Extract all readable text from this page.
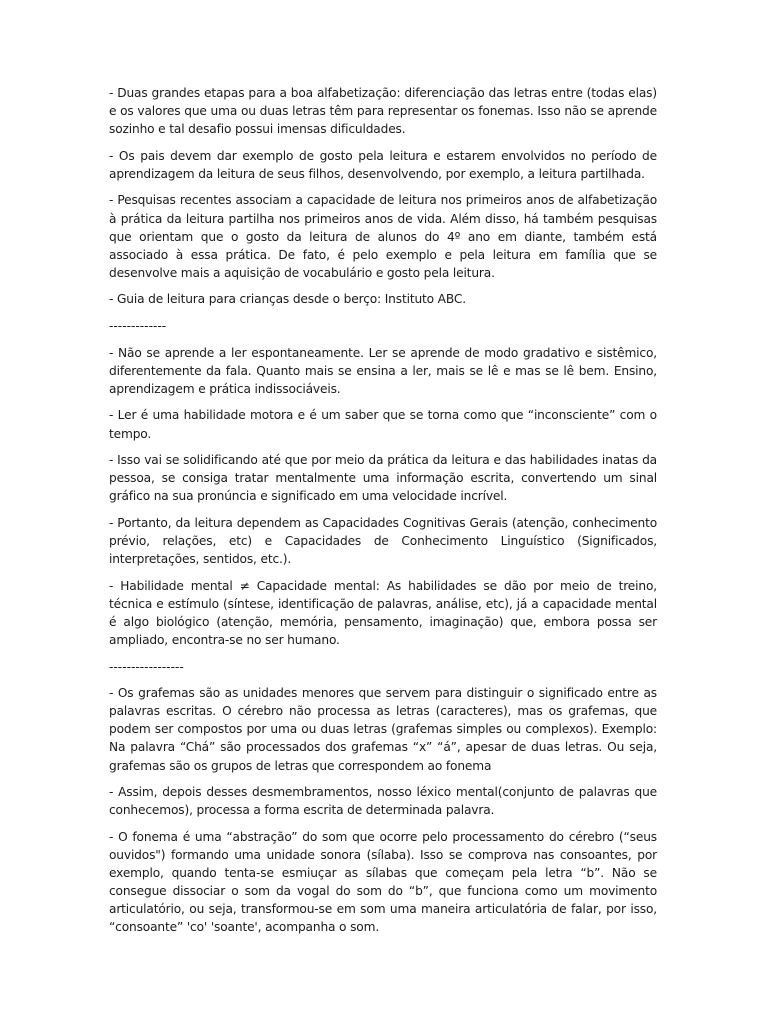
- Duas grandes etapas para a boa alfabetização: diferenciação das letras entre (todas elas) e os valores que uma ou duas letras têm para representar os fonemas. Isso não se aprende sozinho e tal desafio possui imensas dificuldades.

- Os pais devem dar exemplo de gosto pela leitura e estarem envolvidos no período de aprendizagem da leitura de seus filhos, desenvolvendo, por exemplo, a leitura partilhada.

- Pesquisas recentes associam a capacidade de leitura nos primeiros anos de alfabetização à prática da leitura partilha nos primeiros anos de vida. Além disso, há também pesquisas que orientam que o gosto da leitura de alunos do 4º ano em diante, também está associado à essa prática. De fato, é pelo exemplo e pela leitura em família que se desenvolve mais a aquisição de vocabulário e gosto pela leitura.

- Guia de leitura para crianças desde o berço: Instituto ABC.

-------------

- Não se aprende a ler espontaneamente. Ler se aprende de modo gradativo e sistêmico, diferentemente da fala. Quanto mais se ensina a ler, mais se lê e mas se lê bem. Ensino, aprendizagem e prática indissociáveis.

- Ler é uma habilidade motora e é um saber que se torna como que “inconsciente” com o tempo.

- Isso vai se solidificando até que por meio da prática da leitura e das habilidades inatas da pessoa, se consiga tratar mentalmente uma informação escrita, convertendo um sinal gráfico na sua pronúncia e significado em uma velocidade incrível.

- Portanto, da leitura dependem as Capacidades Cognitivas Gerais (atenção, conhecimento prévio, relações, etc) e Capacidades de Conhecimento Linguístico (Significados, interpretações, sentidos, etc.).

- Habilidade mental ≠ Capacidade mental: As habilidades se dão por meio de treino, técnica e estímulo (síntese, identificação de palavras, análise, etc), já a capacidade mental é algo biológico (atenção, memória, pensamento, imaginação) que, embora possa ser ampliado, encontra-se no ser humano.

-----------------

- Os grafemas são as unidades menores que servem para distinguir o significado entre as palavras escritas. O cérebro não processa as letras (caracteres), mas os grafemas, que podem ser compostos por uma ou duas letras (grafemas simples ou complexos). Exemplo: Na palavra “Chá” são processados dos grafemas “x” “á”, apesar de duas letras. Ou seja, grafemas são os grupos de letras que correspondem ao fonema

- Assim, depois desses desmembramentos, nosso léxico mental(conjunto de palavras que conhecemos), processa a forma escrita de determinada palavra.

- O fonema é uma “abstração” do som que ocorre pelo processamento do cérebro (“seus ouvidos") formando uma unidade sonora (sílaba). Isso se comprova nas consoantes, por exemplo, quando tenta-se esmiuçar as sílabas que começam pela letra “b”. Não se consegue dissociar o som da vogal do som do “b”, que funciona como um movimento articulatório, ou seja, transformou-se em som uma maneira articulatória de falar, por isso, “consoante” 'co' 'soante', acompanha o som.
